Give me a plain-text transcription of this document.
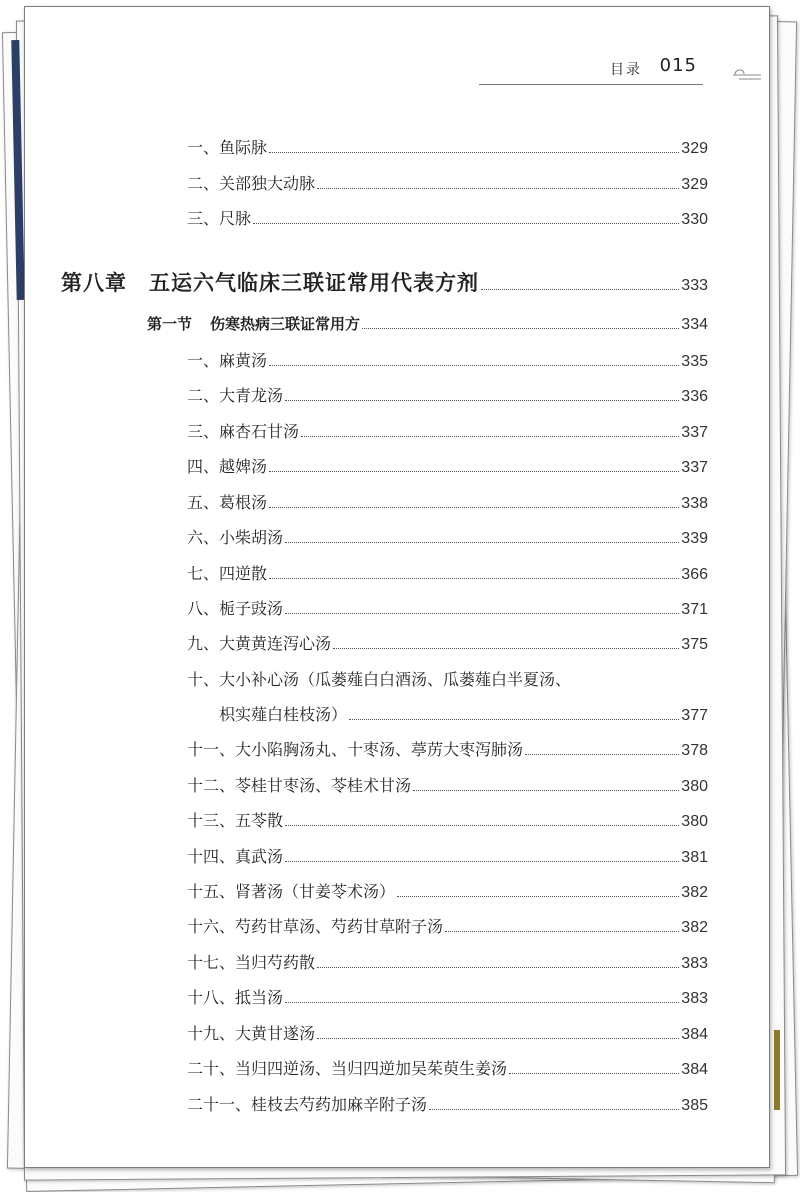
目录 015
一、鱼际脉	329
二、关部独大动脉	329
三、尺脉	330
第八章 五运六气临床三联证常用代表方剂	333
第一节 伤寒热病三联证常用方	334
一、麻黄汤	335
二、大青龙汤	336
三、麻杏石甘汤	337
四、越婢汤	337
五、葛根汤	338
六、小柴胡汤	339
七、四逆散	366
八、栀子豉汤	371
九、大黄黄连泻心汤	375
十、大小补心汤（瓜蒌薤白白酒汤、瓜蒌薤白半夏汤、
枳实薤白桂枝汤）	377
十一、大小陷胸汤丸、十枣汤、葶苈大枣泻肺汤	378
十二、苓桂甘枣汤、苓桂术甘汤	380
十三、五苓散	380
十四、真武汤	381
十五、肾著汤（甘姜苓术汤）	382
十六、芍药甘草汤、芍药甘草附子汤	382
十七、当归芍药散	383
十八、抵当汤	383
十九、大黄甘遂汤	384
二十、当归四逆汤、当归四逆加吴茱萸生姜汤	384
二十一、桂枝去芍药加麻辛附子汤	385
